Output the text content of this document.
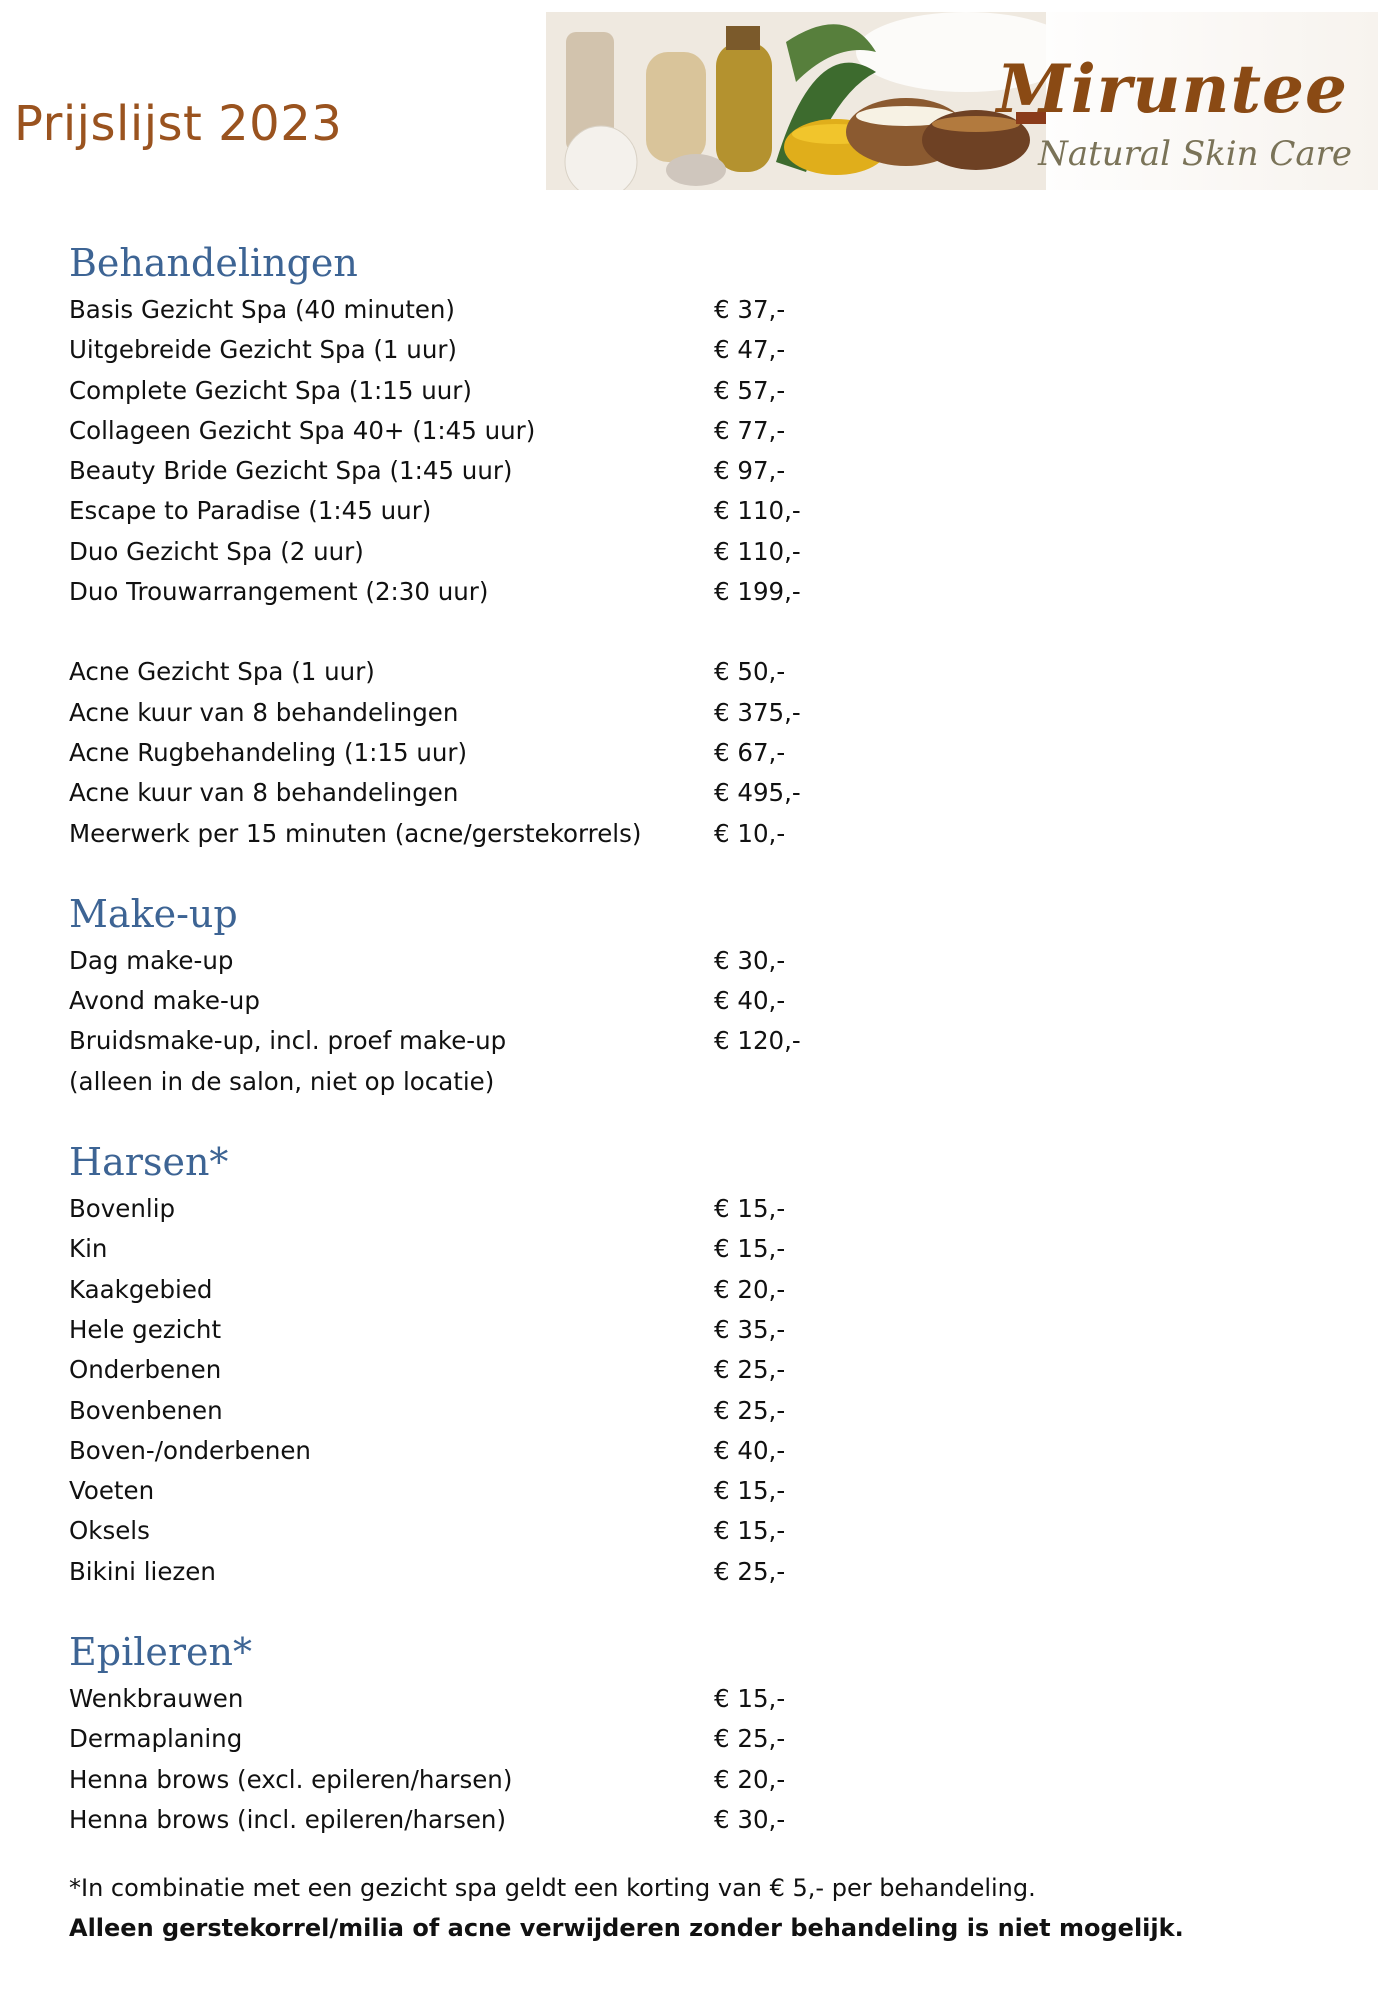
Prijslijst 2023	Miruntee
Natural Skin Care
Behandelingen
Basis Gezicht Spa (40 minuten)	€ 37,-
Uitgebreide Gezicht Spa (1 uur)	€ 47,-
Complete Gezicht Spa (1:15 uur)	€ 57,-
Collageen Gezicht Spa 40+ (1:45 uur)	€ 77,-
Beauty Bride Gezicht Spa (1:45 uur)	€ 97,-
Escape to Paradise (1:45 uur)	€ 110,-
Duo Gezicht Spa (2 uur)	€ 110,-
Duo Trouwarrangement (2:30 uur)	€ 199,-
Acne Gezicht Spa (1 uur)	€ 50,-
Acne kuur van 8 behandelingen	€ 375,-
Acne Rugbehandeling (1:15 uur)	€ 67,-
Acne kuur van 8 behandelingen	€ 495,-
Meerwerk per 15 minuten (acne/gerstekorrels)	€ 10,-
Make-up
Dag make-up	€ 30,-
Avond make-up	€ 40,-
Bruidsmake-up, incl. proef make-up	€ 120,-
(alleen in de salon, niet op locatie)
Harsen*
Bovenlip	€ 15,-
Kin	€ 15,-
Kaakgebied	€ 20,-
Hele gezicht	€ 35,-
Onderbenen	€ 25,-
Bovenbenen	€ 25,-
Boven-/onderbenen	€ 40,-
Voeten	€ 15,-
Oksels	€ 15,-
Bikini liezen	€ 25,-
Epileren*
Wenkbrauwen	€ 15,-
Dermaplaning	€ 25,-
Henna brows (excl. epileren/harsen)	€ 20,-
Henna brows (incl. epileren/harsen)	€ 30,-
*In combinatie met een gezicht spa geldt een korting van € 5,- per behandeling.
Alleen gerstekorrel/milia of acne verwijderen zonder behandeling is niet mogelijk.
